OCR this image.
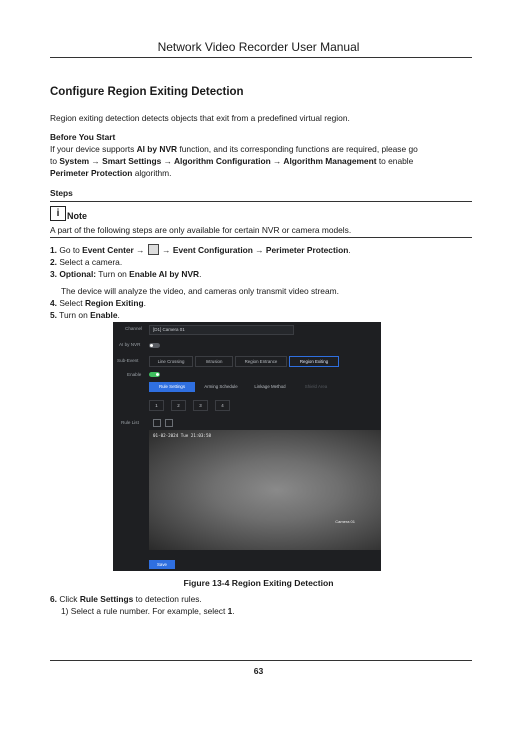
Network Video Recorder User Manual
Configure Region Exiting Detection
Region exiting detection detects objects that exit from a predefined virtual region.
Before You Start
If your device supports AI by NVR function, and its corresponding functions are required, please go
to System → Smart Settings → Algorithm Configuration → Algorithm Management to enable
Perimeter Protection algorithm.
Steps
i Note
A part of the following steps are only available for certain NVR or camera models.
1. Go to Event Center →  → Event Configuration → Perimeter Protection.
2. Select a camera.
3. Optional: Turn on Enable AI by NVR.
The device will analyze the video, and cameras only transmit video stream.
4. Select Region Exiting.
5. Turn on Enable.
Channel	[D1] Camera 01
AI by NVR
Sub-Event	Line Crossing	Intrusion	Region Entrance	Region Exiting
Enable
Rule Settings	Arming Schedule	Linkage Method	Shield Area
1	2	3	4
Rule List
01-02-2024 Tue 21:03:58
Camera 01
Save
Figure 13-4 Region Exiting Detection
6. Click Rule Settings to detection rules.
1) Select a rule number. For example, select 1.
63
